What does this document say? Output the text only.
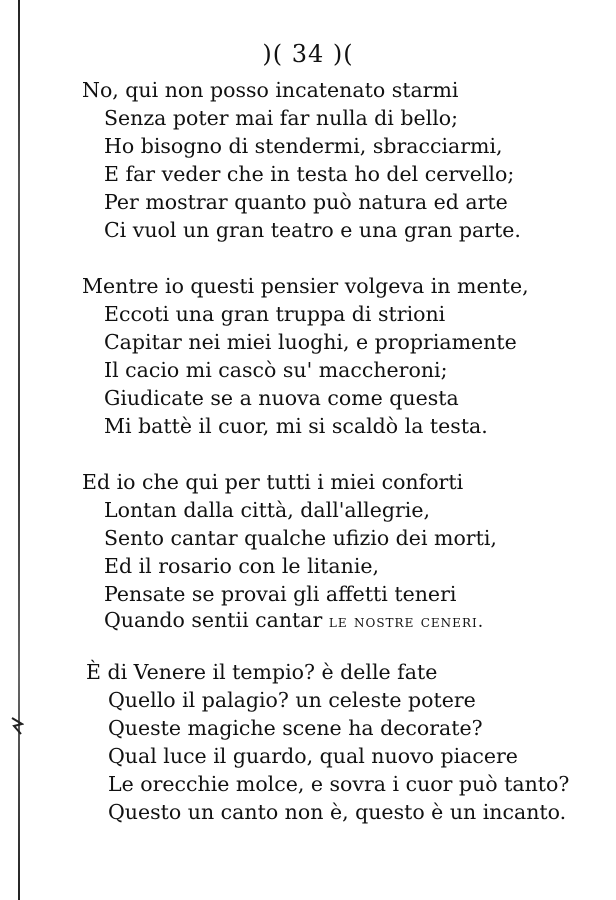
)( 34 )(
No, qui non posso incatenato starmi
Senza poter mai far nulla di bello;
Ho bisogno di stendermi, sbracciarmi,
E far veder che in testa ho del cervello;
Per mostrar quanto può natura ed arte
Ci vuol un gran teatro e una gran parte.
Mentre io questi pensier volgeva in mente,
Eccoti una gran truppa di strioni
Capitar nei miei luoghi, e propriamente
Il cacio mi cascò su' maccheroni;
Giudicate se a nuova come questa
Mi battè il cuor, mi si scaldò la testa.
Ed io che qui per tutti i miei conforti
Lontan dalla città, dall'allegrie,
Sento cantar qualche ufizio dei morti,
Ed il rosario con le litanie,
Pensate se provai gli affetti teneri
Quando sentii cantar le nostre ceneri.
È di Venere il tempio? è delle fate
Quello il palagio? un celeste potere
Queste magiche scene ha decorate?
Qual luce il guardo, qual nuovo piacere
Le orecchie molce, e sovra i cuor può tanto?
Questo un canto non è, questo è un incanto.
